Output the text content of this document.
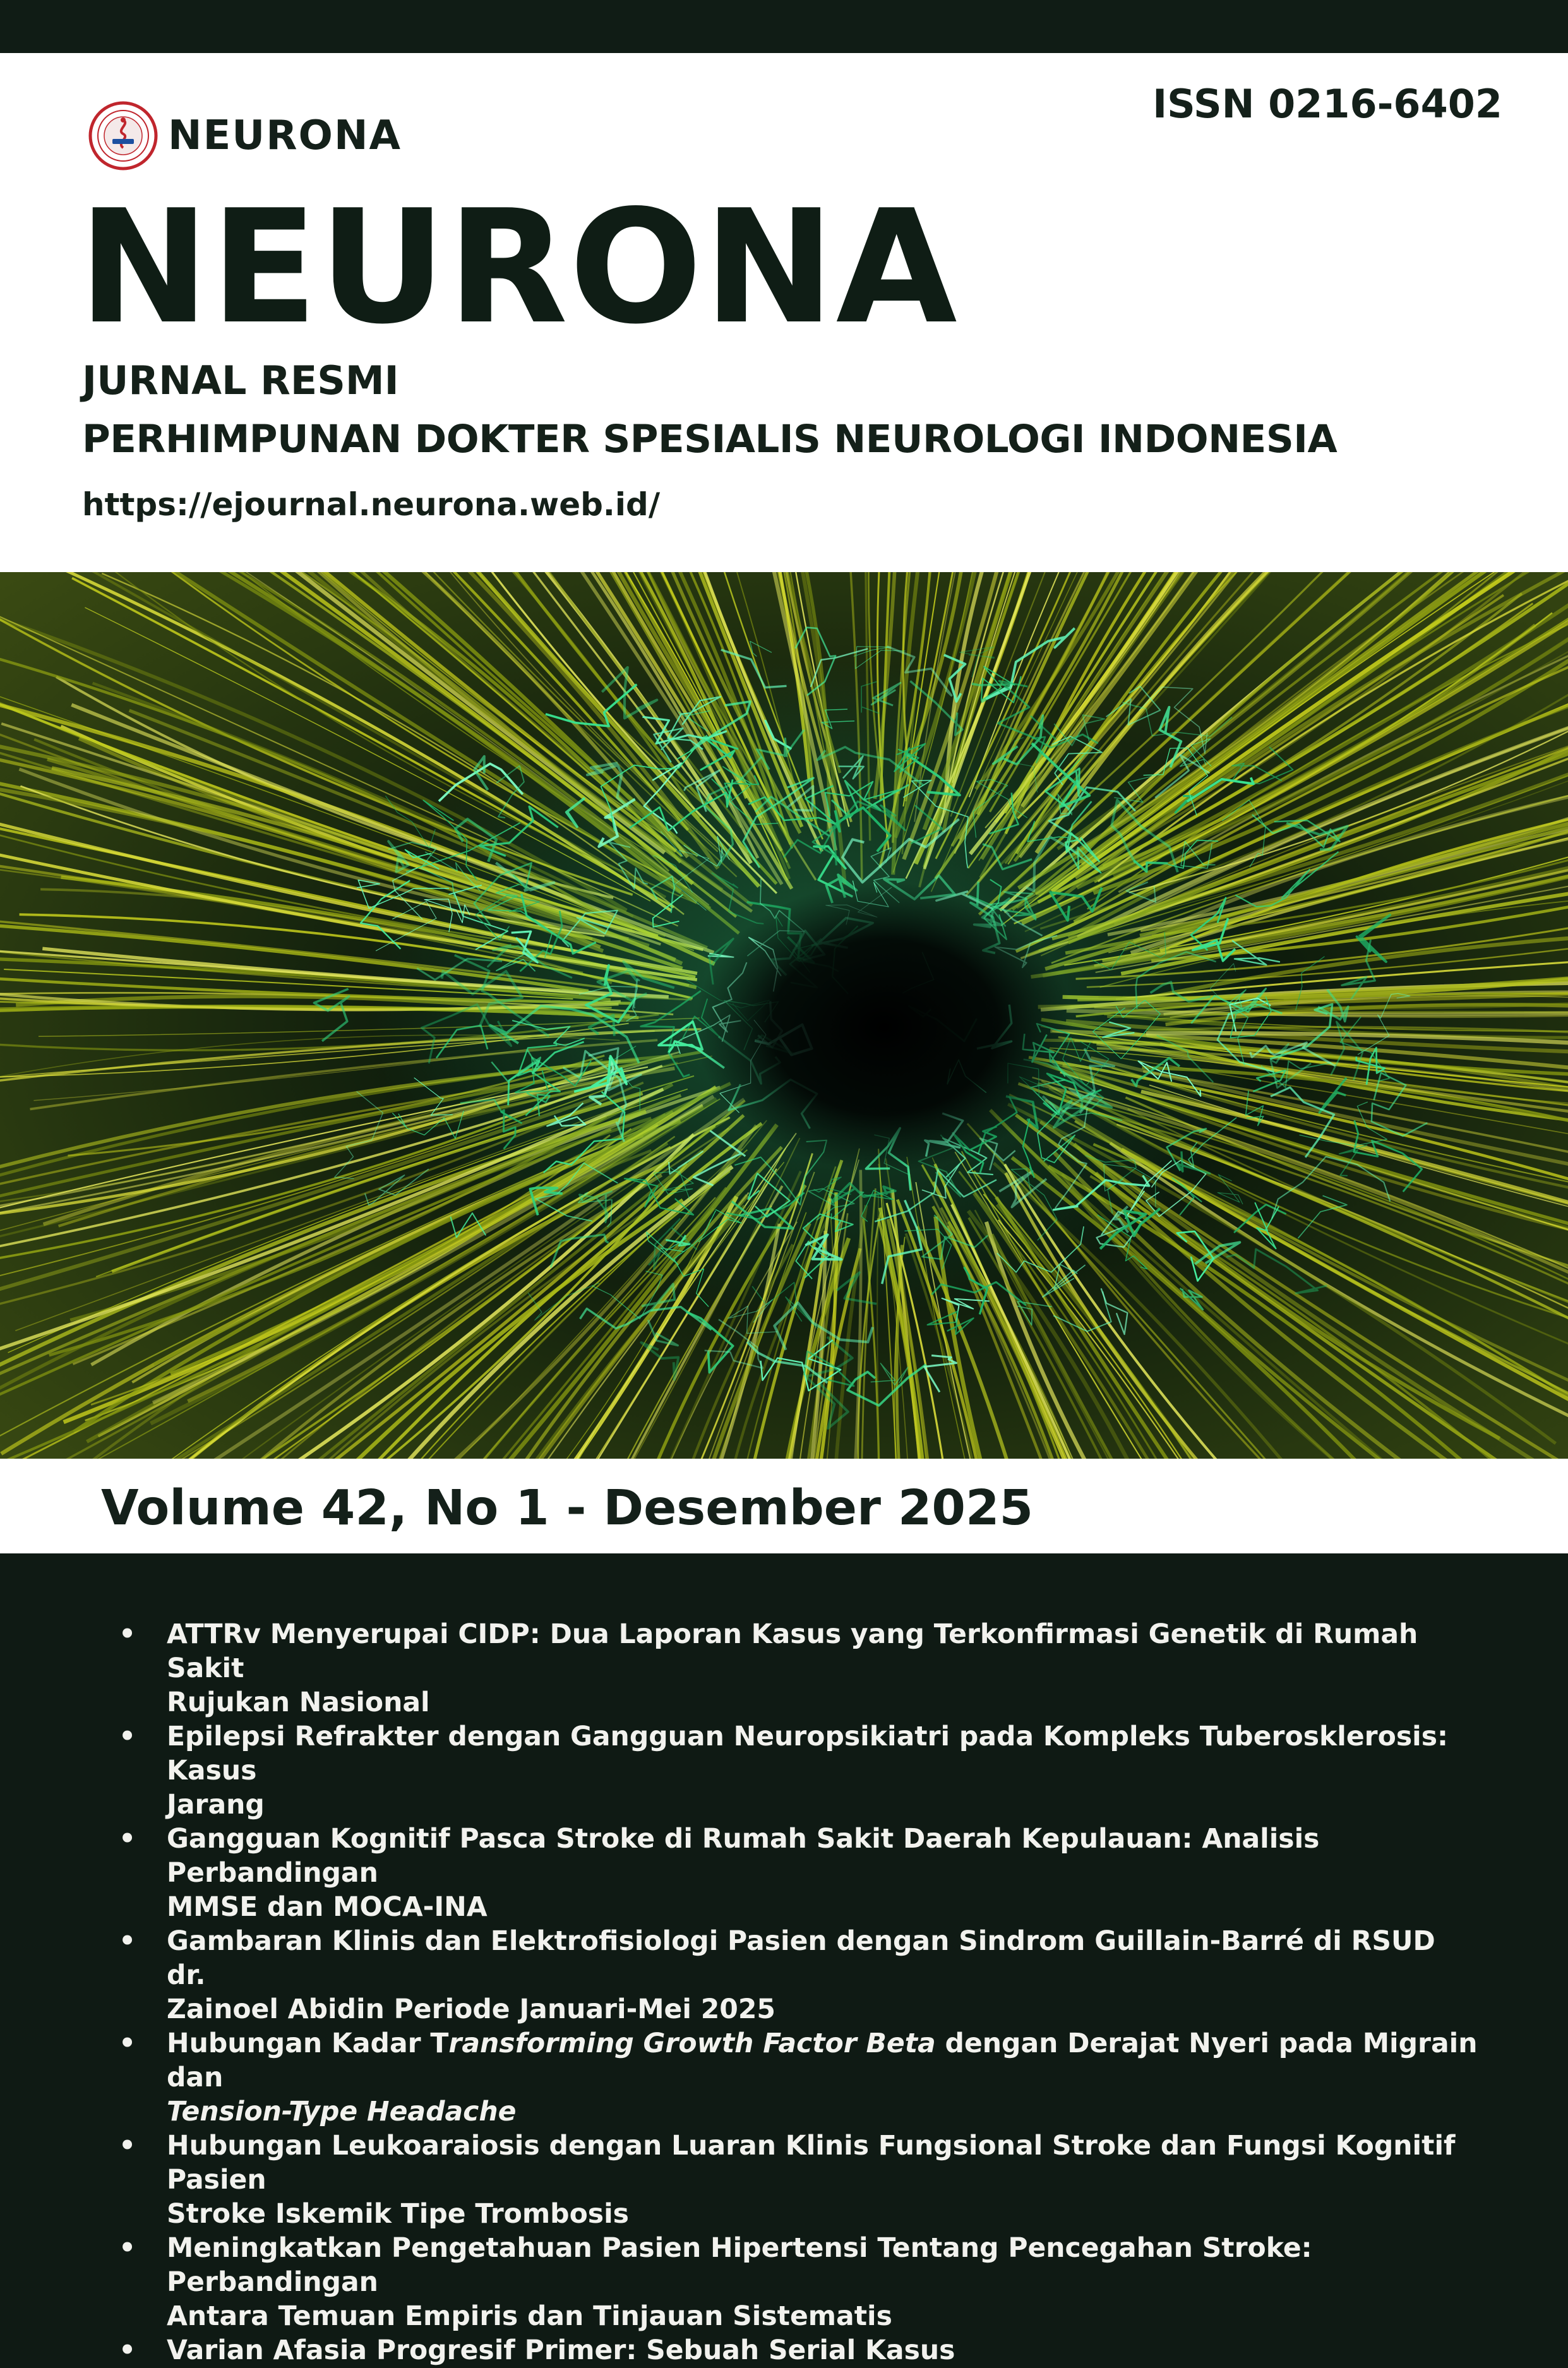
NEURONA
ISSN 0216-6402
NEURONA
JURNAL RESMI
PERHIMPUNAN DOKTER SPESIALIS NEUROLOGI INDONESIA
https://ejournal.neurona.web.id/
Volume 42, No 1 - Desember 2025
• ATTRv Menyerupai CIDP: Dua Laporan Kasus yang Terkonfirmasi Genetik di Rumah Sakit
Rujukan Nasional
• Epilepsi Refrakter dengan Gangguan Neuropsikiatri pada Kompleks Tuberosklerosis: Kasus
Jarang
• Gangguan Kognitif Pasca Stroke di Rumah Sakit Daerah Kepulauan: Analisis Perbandingan
MMSE dan MOCA-INA
• Gambaran Klinis dan Elektrofisiologi Pasien dengan Sindrom Guillain-Barré di RSUD dr.
Zainoel Abidin Periode Januari-Mei 2025
• Hubungan Kadar Transforming Growth Factor Beta dengan Derajat Nyeri pada Migrain dan
Tension-Type Headache
• Hubungan Leukoaraiosis dengan Luaran Klinis Fungsional Stroke dan Fungsi Kognitif Pasien
Stroke Iskemik Tipe Trombosis
• Meningkatkan Pengetahuan Pasien Hipertensi Tentang Pencegahan Stroke: Perbandingan
Antara Temuan Empiris dan Tinjauan Sistematis
• Varian Afasia Progresif Primer: Sebuah Serial Kasus
